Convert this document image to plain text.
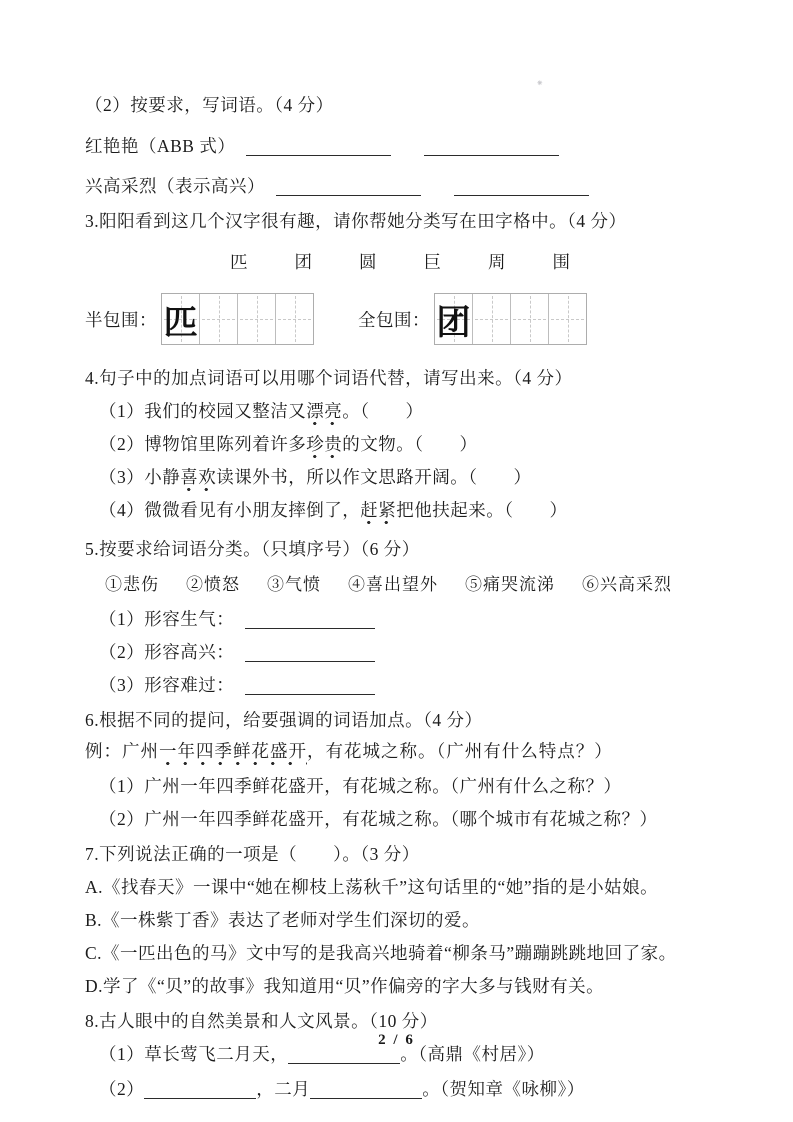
⁕
（2）按要求，写词语。（4 分）
红艳艳（ABB 式）
兴高采烈（表示高兴）
3.阳阳看到这几个汉字很有趣，请你帮她分类写在田字格中。（4 分）
匹	团	圆	巨	周	围
半包围： 匹	全包围： 团
4.句子中的加点词语可以用哪个词语代替，请写出来。（4 分）
（1）我们的校园又整洁又漂亮。（　　）
（2）博物馆里陈列着许多珍贵的文物。（　　）
（3）小静喜欢读课外书，所以作文思路开阔。（　　）
（4）微微看见有小朋友摔倒了，赶紧把他扶起来。（　　）
5.按要求给词语分类。（只填序号）（6 分）
①悲伤 ②愤怒 ③气愤 ④喜出望外 ⑤痛哭流涕 ⑥兴高采烈
（1）形容生气：
（2）形容高兴：
（3）形容难过：
6.根据不同的提问，给要强调的词语加点。（4 分）
例：广州一年四季鲜花盛开，有花城之称。（广州有什么特点？）
（1）广州一年四季鲜花盛开，有花城之称。（广州有什么之称？）
（2）广州一年四季鲜花盛开，有花城之称。（哪个城市有花城之称？）
7.下列说法正确的一项是（　　）。（3 分）
A.《找春天》一课中“她在柳枝上荡秋千”这句话里的“她”指的是小姑娘。
B.《一株紫丁香》表达了老师对学生们深切的爱。
C.《一匹出色的马》文中写的是我高兴地骑着“柳条马”蹦蹦跳跳地回了家。
D.学了《“贝”的故事》我知道用“贝”作偏旁的字大多与钱财有关。
8.古人眼中的自然美景和人文风景。（10 分）
（1）草长莺飞二月天，	。（高鼎《村居》）
（2）	，二月	。（贺知章《咏柳》）
2 / 6
